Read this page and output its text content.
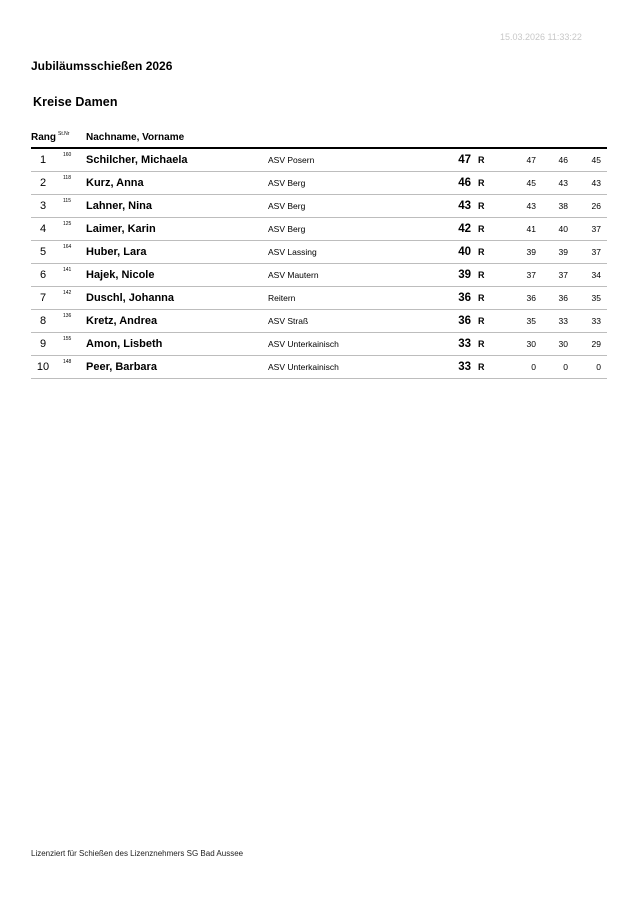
15.03.2026 11:33:22
Jubiläumsschießen 2026
Kreise Damen
Rang St.Nr Nachname, Vorname
1	160 Schilcher, Michaela	ASV Posern	47 R	47	46	45
2	118 Kurz, Anna	ASV Berg	46 R	45	43	43
3	115 Lahner, Nina	ASV Berg	43 R	43	38	26
4	125 Laimer, Karin	ASV Berg	42 R	41	40	37
5	164 Huber, Lara	ASV Lassing	40 R	39	39	37
6	141 Hajek, Nicole	ASV Mautern	39 R	37	37	34
7	142 Duschl, Johanna	Reitern	36 R	36	36	35
8	136 Kretz, Andrea	ASV Straß	36 R	35	33	33
9	155 Amon, Lisbeth	ASV Unterkainisch	33 R	30	30	29
10	148 Peer, Barbara	ASV Unterkainisch	33 R	0	0	0
Lizenziert für Schießen des Lizenznehmers SG Bad Aussee
